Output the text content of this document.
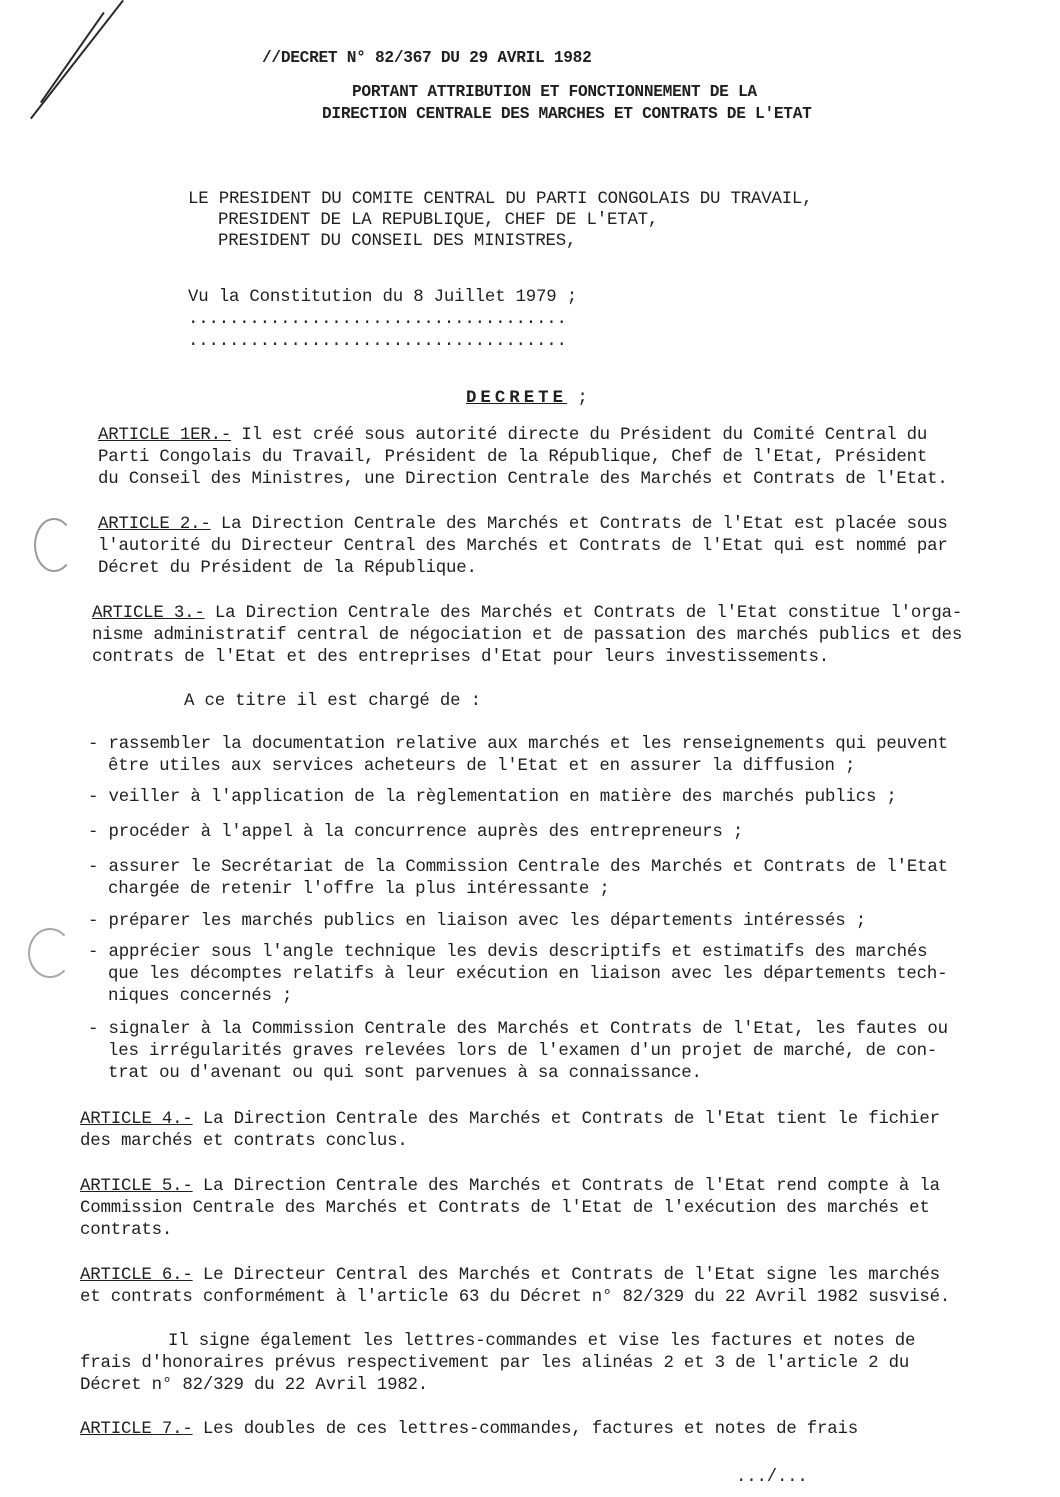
//DECRET N° 82/367 DU 29 AVRIL 1982
PORTANT ATTRIBUTION ET FONCTIONNEMENT DE LA
DIRECTION CENTRALE DES MARCHES ET CONTRATS DE L'ETAT
LE PRESIDENT DU COMITE CENTRAL DU PARTI CONGOLAIS DU TRAVAIL,
PRESIDENT DE LA REPUBLIQUE, CHEF DE L'ETAT,
PRESIDENT DU CONSEIL DES MINISTRES,
Vu la Constitution du 8 Juillet 1979 ;
.....................................
.....................................
DECRETE ;
ARTICLE 1ER.- Il est créé sous autorité directe du Président du Comité Central du
Parti Congolais du Travail, Président de la République, Chef de l'Etat, Président
du Conseil des Ministres, une Direction Centrale des Marchés et Contrats de l'Etat.
ARTICLE 2.- La Direction Centrale des Marchés et Contrats de l'Etat est placée sous
l'autorité du Directeur Central des Marchés et Contrats de l'Etat qui est nommé par
Décret du Président de la République.
ARTICLE 3.- La Direction Centrale des Marchés et Contrats de l'Etat constitue l'orga-
nisme administratif central de négociation et de passation des marchés publics et des
contrats de l'Etat et des entreprises d'Etat pour leurs investissements.
A ce titre il est chargé de :
- rassembler la documentation relative aux marchés et les renseignements qui peuvent
être utiles aux services acheteurs de l'Etat et en assurer la diffusion ;
- veiller à l'application de la règlementation en matière des marchés publics ;
- procéder à l'appel à la concurrence auprès des entrepreneurs ;
- assurer le Secrétariat de la Commission Centrale des Marchés et Contrats de l'Etat
chargée de retenir l'offre la plus intéressante ;
- préparer les marchés publics en liaison avec les départements intéressés ;
- apprécier sous l'angle technique les devis descriptifs et estimatifs des marchés
que les décomptes relatifs à leur exécution en liaison avec les départements tech-
niques concernés ;
- signaler à la Commission Centrale des Marchés et Contrats de l'Etat, les fautes ou
les irrégularités graves relevées lors de l'examen d'un projet de marché, de con-
trat ou d'avenant ou qui sont parvenues à sa connaissance.
ARTICLE 4.- La Direction Centrale des Marchés et Contrats de l'Etat tient le fichier
des marchés et contrats conclus.
ARTICLE 5.- La Direction Centrale des Marchés et Contrats de l'Etat rend compte à la
Commission Centrale des Marchés et Contrats de l'Etat de l'exécution des marchés et
contrats.
ARTICLE 6.- Le Directeur Central des Marchés et Contrats de l'Etat signe les marchés
et contrats conformément à l'article 63 du Décret n° 82/329 du 22 Avril 1982 susvisé.
Il signe également les lettres-commandes et vise les factures et notes de
frais d'honoraires prévus respectivement par les alinéas 2 et 3 de l'article 2 du
Décret n° 82/329 du 22 Avril 1982.
ARTICLE 7.- Les doubles de ces lettres-commandes, factures et notes de frais
.../...
